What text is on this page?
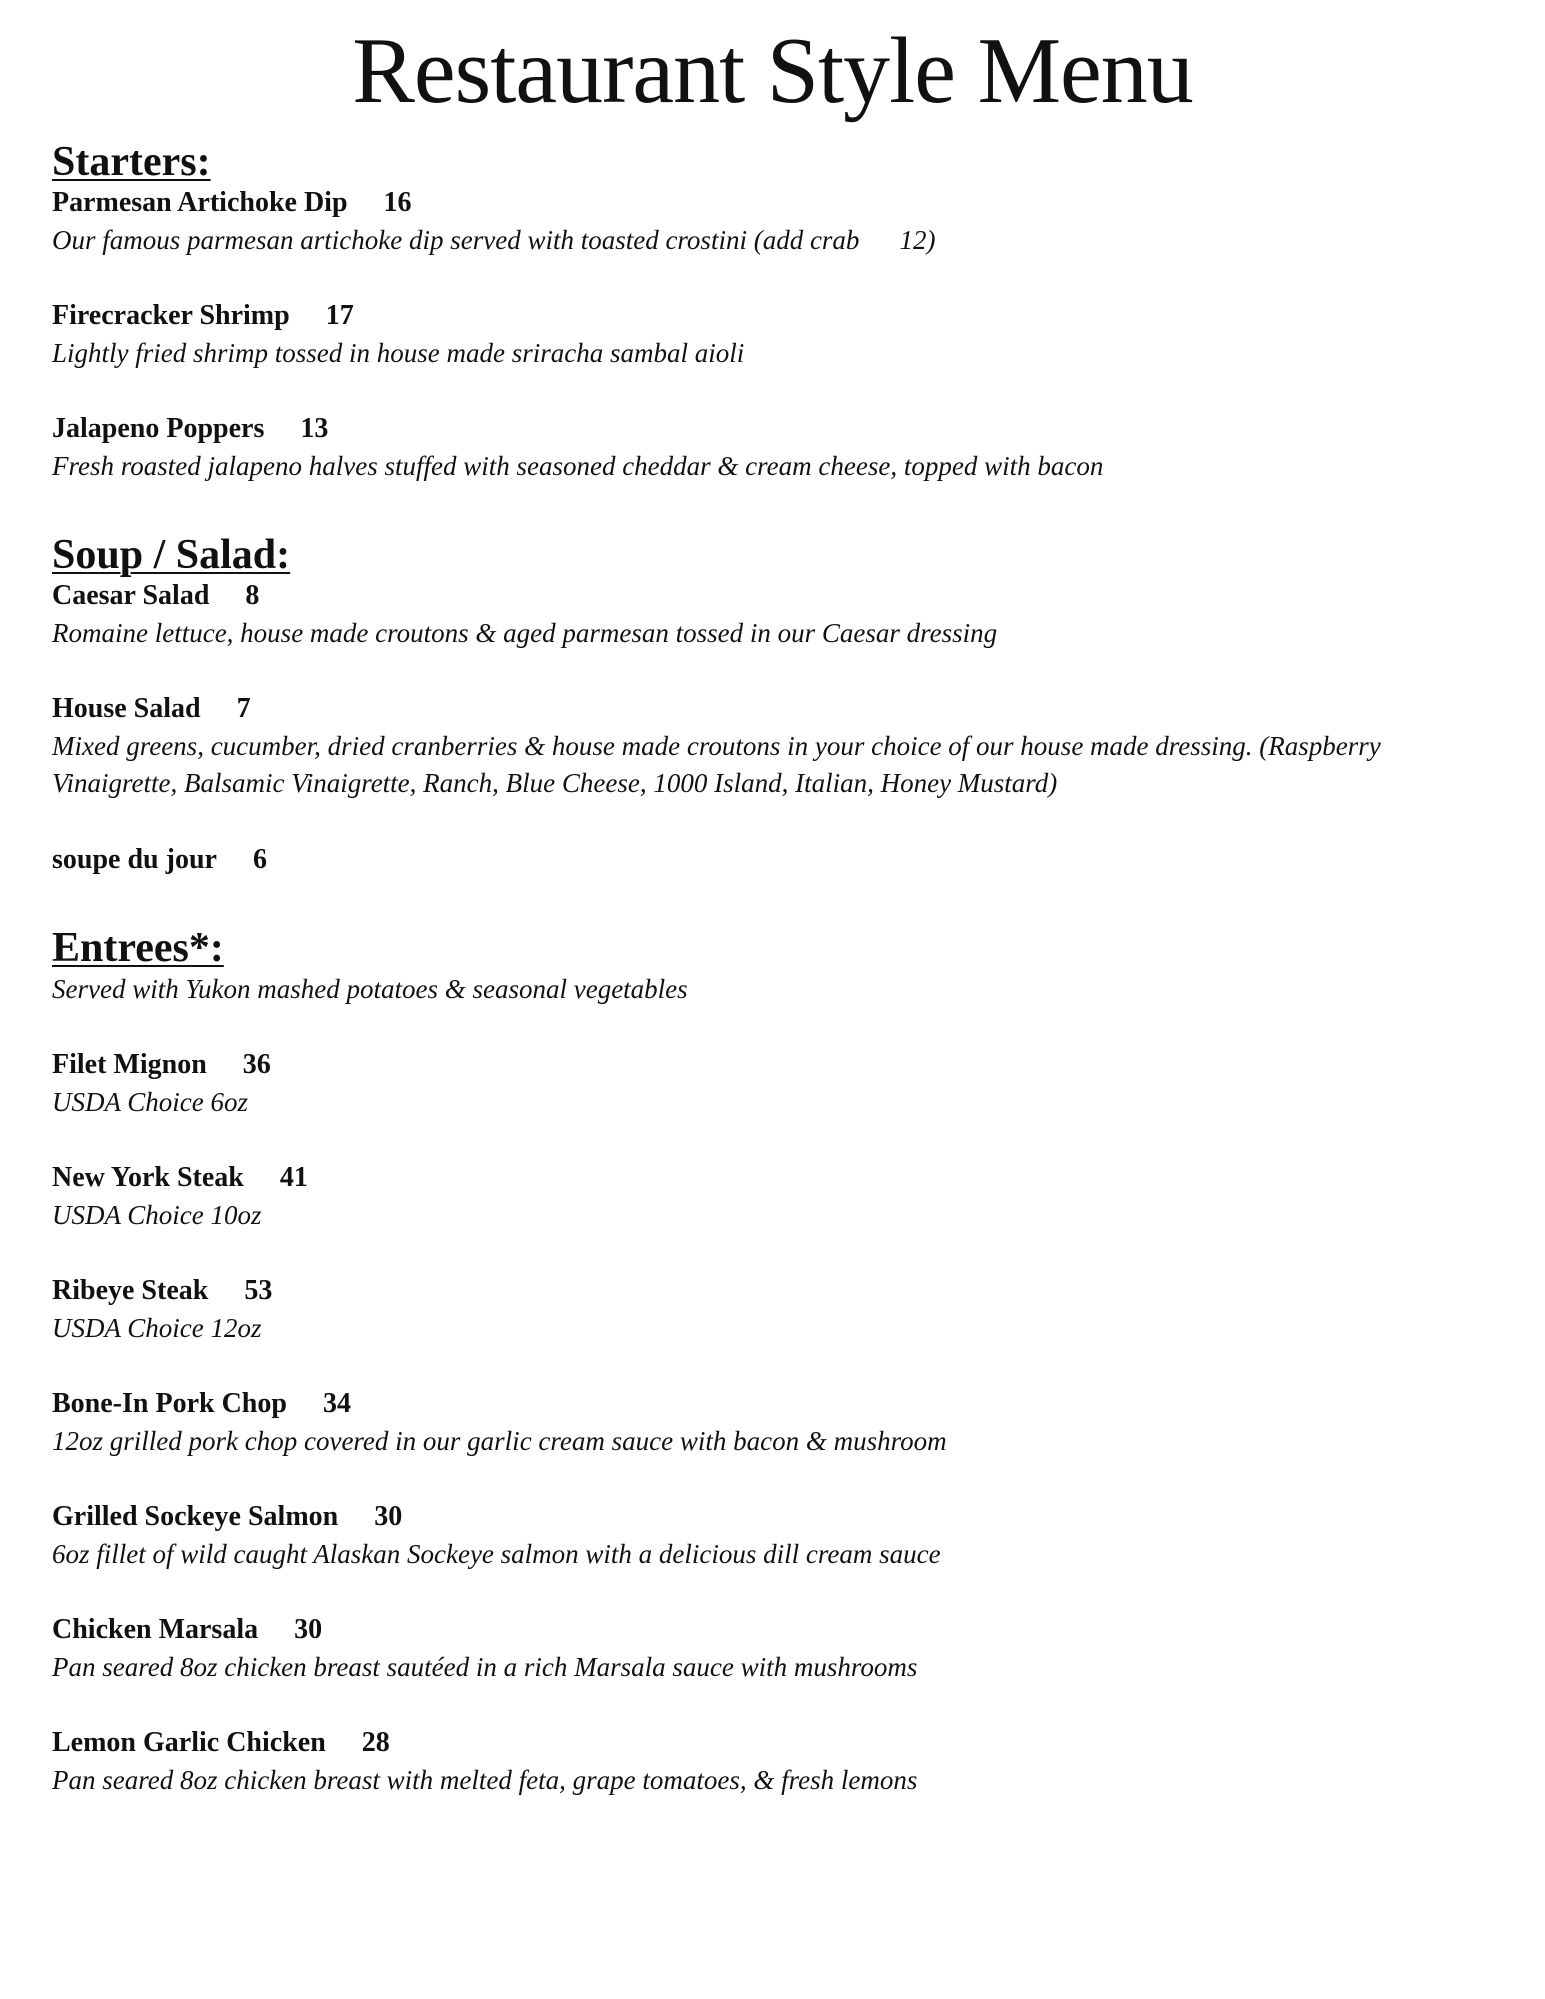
Restaurant Style Menu
Starters:
Parmesan Artichoke Dip 16

Our famous parmesan artichoke dip served with toasted crostini (add crab 12)

Firecracker Shrimp 17

Lightly fried shrimp tossed in house made sriracha sambal aioli

Jalapeno Poppers 13

Fresh roasted jalapeno halves stuffed with seasoned cheddar & cream cheese, topped with bacon

Soup / Salad:
Caesar Salad 8

Romaine lettuce, house made croutons & aged parmesan tossed in our Caesar dressing

House Salad 7

Mixed greens, cucumber, dried cranberries & house made croutons in your choice of our house made dressing. (Raspberry Vinaigrette, Balsamic Vinaigrette, Ranch, Blue Cheese, 1000 Island, Italian, Honey Mustard)

soupe du jour 6
Entrees*:

Served with Yukon mashed potatoes & seasonal vegetables

Filet Mignon 36

USDA Choice 6oz

New York Steak 41

USDA Choice 10oz

Ribeye Steak 53

USDA Choice 12oz

Bone-In Pork Chop 34

12oz grilled pork chop covered in our garlic cream sauce with bacon & mushroom

Grilled Sockeye Salmon 30

6oz fillet of wild caught Alaskan Sockeye salmon with a delicious dill cream sauce

Chicken Marsala 30

Pan seared 8oz chicken breast sautéed in a rich Marsala sauce with mushrooms

Lemon Garlic Chicken 28

Pan seared 8oz chicken breast with melted feta, grape tomatoes, & fresh lemons
